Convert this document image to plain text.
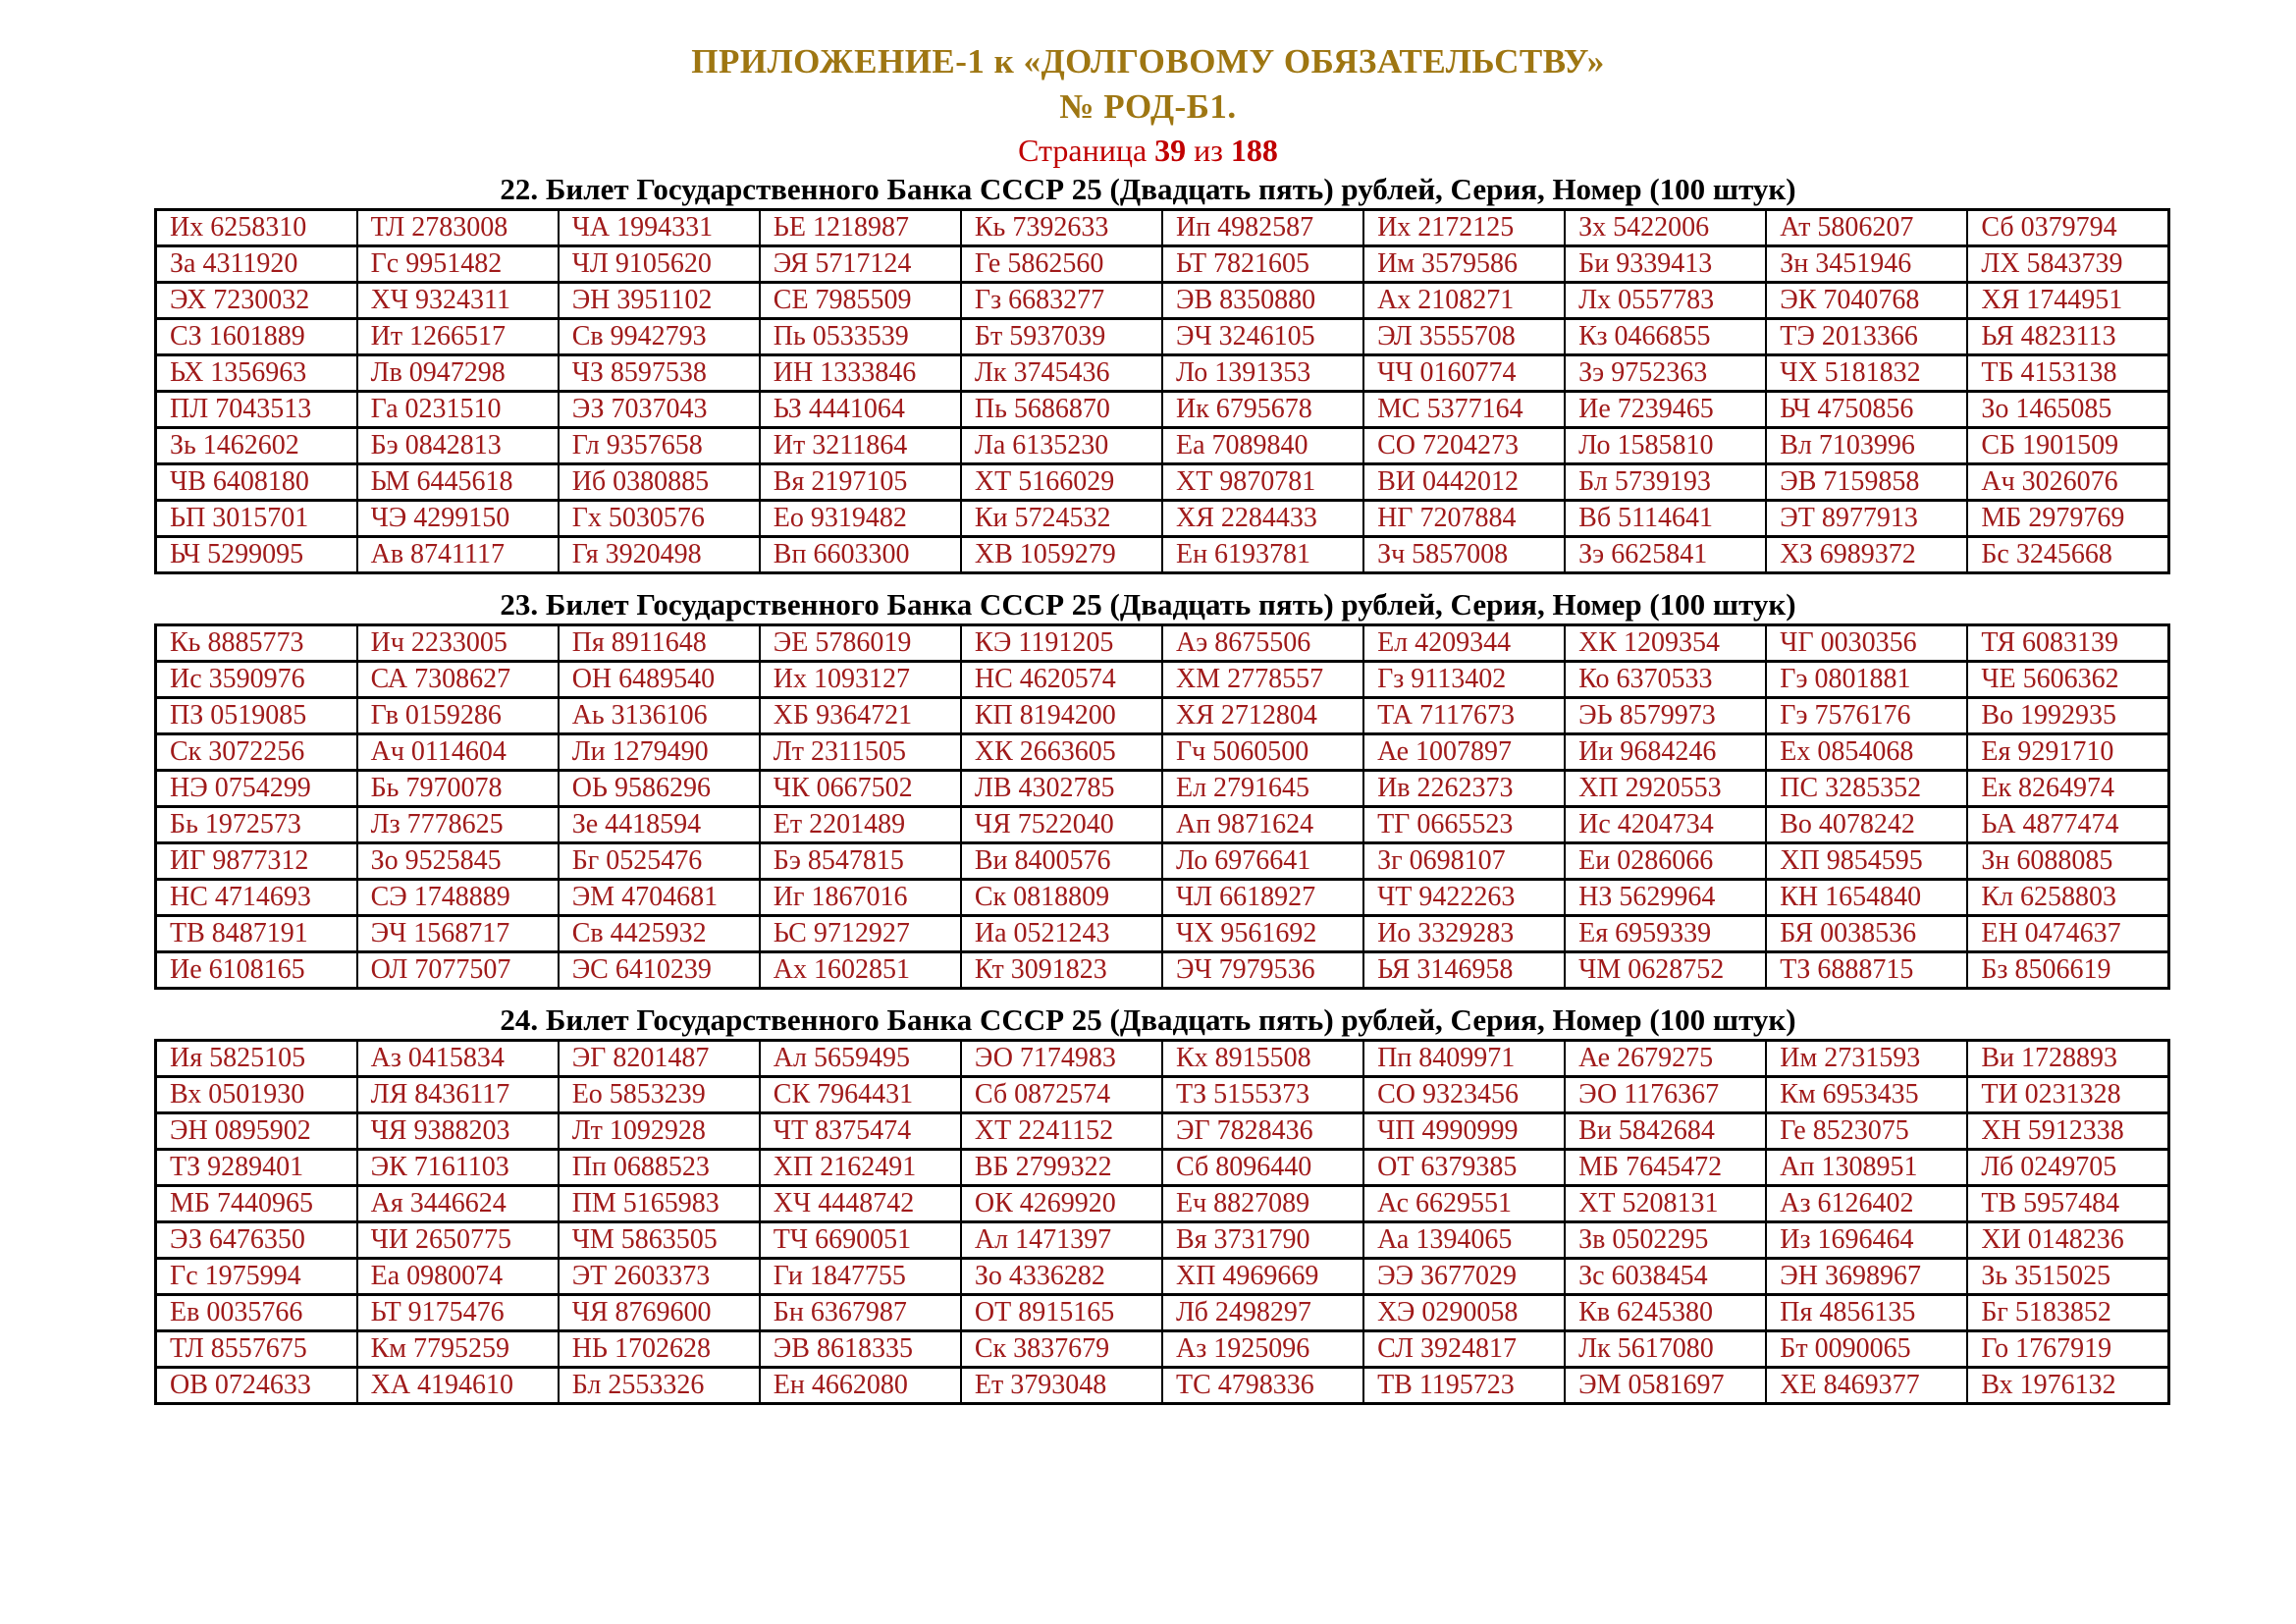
ПРИЛОЖЕНИЕ-1 к «ДОЛГОВОМУ ОБЯЗАТЕЛЬСТВУ»
№ РОД-Б1.
Страница 39 из 188
22. Билет Государственного Банка СССР 25 (Двадцать пять) рублей, Серия, Номер (100 штук)
Их 6258310	ТЛ 2783008	ЧА 1994331	ЬЕ 1218987	Кь 7392633	Ип 4982587	Их 2172125	Зх 5422006	Ат 5806207	Сб 0379794
За 4311920	Гс 9951482	ЧЛ 9105620	ЭЯ 5717124	Ге 5862560	ЬТ 7821605	Им 3579586	Би 9339413	Зн 3451946	ЛХ 5843739
ЭХ 7230032	ХЧ 9324311	ЭН 3951102	СЕ 7985509	Гз 6683277	ЭВ 8350880	Ах 2108271	Лх 0557783	ЭК 7040768	ХЯ 1744951
СЗ 1601889	Ит 1266517	Св 9942793	Пь 0533539	Бт 5937039	ЭЧ 3246105	ЭЛ 3555708	Кз 0466855	ТЭ 2013366	ЬЯ 4823113
ЬХ 1356963	Лв 0947298	ЧЗ 8597538	ИН 1333846	Лк 3745436	Ло 1391353	ЧЧ 0160774	Зэ 9752363	ЧХ 5181832	ТБ 4153138
ПЛ 7043513	Га 0231510	ЭЗ 7037043	ЬЗ 4441064	Пь 5686870	Ик 6795678	МС 5377164	Ие 7239465	ЬЧ 4750856	Зо 1465085
Зь 1462602	Бэ 0842813	Гл 9357658	Ит 3211864	Ла 6135230	Еа 7089840	СО 7204273	Ло 1585810	Вл 7103996	СБ 1901509
ЧВ 6408180	ЬМ 6445618	Иб 0380885	Вя 2197105	ХТ 5166029	ХТ 9870781	ВИ 0442012	Бл 5739193	ЭВ 7159858	Ач 3026076
ЬП 3015701	ЧЭ 4299150	Гх 5030576	Ео 9319482	Ки 5724532	ХЯ 2284433	НГ 7207884	Вб 5114641	ЭТ 8977913	МБ 2979769
ЬЧ 5299095	Ав 8741117	Гя 3920498	Вп 6603300	ХВ 1059279	Ен 6193781	Зч 5857008	Зэ 6625841	ХЗ 6989372	Бс 3245668
23. Билет Государственного Банка СССР 25 (Двадцать пять) рублей, Серия, Номер (100 штук)
Кь 8885773	Ич 2233005	Пя 8911648	ЭЕ 5786019	КЭ 1191205	Аэ 8675506	Ел 4209344	ХК 1209354	ЧГ 0030356	ТЯ 6083139
Ис 3590976	СА 7308627	ОН 6489540	Их 1093127	НС 4620574	ХМ 2778557	Гз 9113402	Ко 6370533	Гэ 0801881	ЧЕ 5606362
ПЗ 0519085	Гв 0159286	Аь 3136106	ХБ 9364721	КП 8194200	ХЯ 2712804	ТА 7117673	ЭЬ 8579973	Гэ 7576176	Во 1992935
Ск 3072256	Ач 0114604	Ли 1279490	Лт 2311505	ХК 2663605	Гч 5060500	Ае 1007897	Ии 9684246	Ех 0854068	Ея 9291710
НЭ 0754299	Бь 7970078	ОЬ 9586296	ЧК 0667502	ЛВ 4302785	Ел 2791645	Ив 2262373	ХП 2920553	ПС 3285352	Ек 8264974
Бь 1972573	Лз 7778625	Зе 4418594	Ет 2201489	ЧЯ 7522040	Ап 9871624	ТГ 0665523	Ис 4204734	Во 4078242	ЬА 4877474
ИГ 9877312	Зо 9525845	Бг 0525476	Бэ 8547815	Ви 8400576	Ло 6976641	Зг 0698107	Еи 0286066	ХП 9854595	Зн 6088085
НС 4714693	СЭ 1748889	ЭМ 4704681	Иг 1867016	Ск 0818809	ЧЛ 6618927	ЧТ 9422263	НЗ 5629964	КН 1654840	Кл 6258803
ТВ 8487191	ЭЧ 1568717	Св 4425932	ЬС 9712927	Иа 0521243	ЧХ 9561692	Ио 3329283	Ея 6959339	БЯ 0038536	ЕН 0474637
Ие 6108165	ОЛ 7077507	ЭС 6410239	Ах 1602851	Кт 3091823	ЭЧ 7979536	ЬЯ 3146958	ЧМ 0628752	ТЗ 6888715	Бз 8506619
24. Билет Государственного Банка СССР 25 (Двадцать пять) рублей, Серия, Номер (100 штук)
Ия 5825105	Аз 0415834	ЭГ 8201487	Ал 5659495	ЭО 7174983	Кх 8915508	Пп 8409971	Ае 2679275	Им 2731593	Ви 1728893
Вх 0501930	ЛЯ 8436117	Ео 5853239	СК 7964431	Сб 0872574	ТЗ 5155373	СО 9323456	ЭО 1176367	Км 6953435	ТИ 0231328
ЭН 0895902	ЧЯ 9388203	Лт 1092928	ЧТ 8375474	ХТ 2241152	ЭГ 7828436	ЧП 4990999	Ви 5842684	Ге 8523075	ХН 5912338
ТЗ 9289401	ЭК 7161103	Пп 0688523	ХП 2162491	ВБ 2799322	Сб 8096440	ОТ 6379385	МБ 7645472	Ап 1308951	Лб 0249705
МБ 7440965	Ая 3446624	ПМ 5165983	ХЧ 4448742	ОК 4269920	Еч 8827089	Ас 6629551	ХТ 5208131	Аз 6126402	ТВ 5957484
ЭЗ 6476350	ЧИ 2650775	ЧМ 5863505	ТЧ 6690051	Ал 1471397	Вя 3731790	Аа 1394065	Зв 0502295	Из 1696464	ХИ 0148236
Гс 1975994	Еа 0980074	ЭТ 2603373	Ги 1847755	Зо 4336282	ХП 4969669	ЭЭ 3677029	Зс 6038454	ЭН 3698967	Зь 3515025
Ев 0035766	ЬТ 9175476	ЧЯ 8769600	Бн 6367987	ОТ 8915165	Лб 2498297	ХЭ 0290058	Кв 6245380	Пя 4856135	Бг 5183852
ТЛ 8557675	Км 7795259	НЬ 1702628	ЭВ 8618335	Ск 3837679	Аз 1925096	СЛ 3924817	Лк 5617080	Бт 0090065	Го 1767919
ОВ 0724633	ХА 4194610	Бл 2553326	Ен 4662080	Ет 3793048	ТС 4798336	ТВ 1195723	ЭМ 0581697	ХЕ 8469377	Вх 1976132
